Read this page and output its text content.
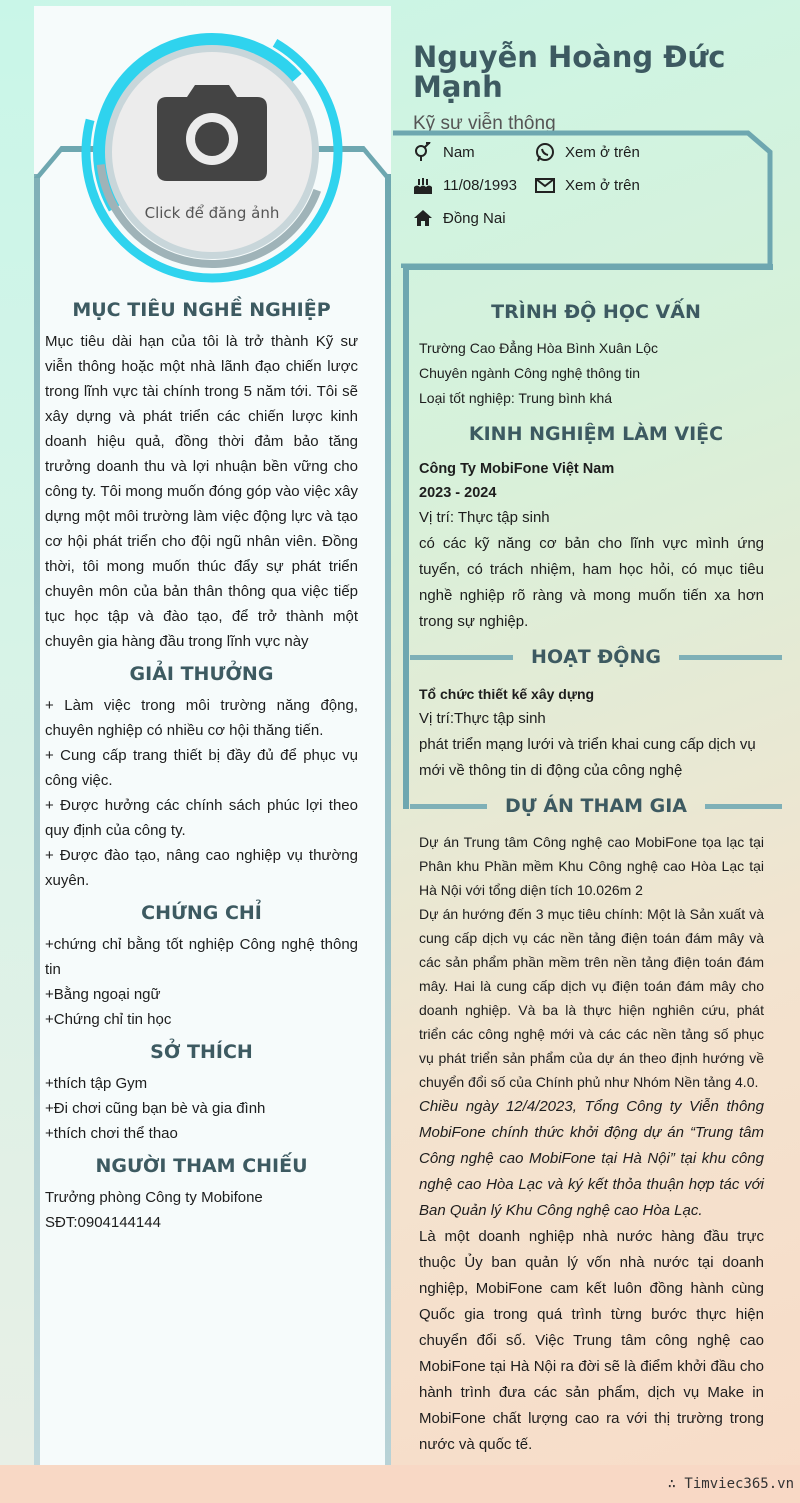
∴ Timviec365.vn
Click để đăng ảnh
MỤC TIÊU NGHỀ NGHIỆP

Mục tiêu dài hạn của tôi là trở thành Kỹ sư viễn thông hoặc một nhà lãnh đạo chiến lược trong lĩnh vực tài chính trong 5 năm tới. Tôi sẽ xây dựng và phát triển các chiến lược kinh doanh hiệu quả, đồng thời đảm bảo tăng trưởng doanh thu và lợi nhuận bền vững cho công ty. Tôi mong muốn đóng góp vào việc xây dựng một môi trường làm việc động lực và tạo cơ hội phát triển cho đội ngũ nhân viên. Đồng thời, tôi mong muốn thúc đẩy sự phát triển chuyên môn của bản thân thông qua việc tiếp tục học tập và đào tạo, để trở thành một chuyên gia hàng đầu trong lĩnh vực này

GIẢI THƯỞNG

+ Làm việc trong môi trường năng động, chuyên nghiệp có nhiều cơ hội thăng tiến.

+ Cung cấp trang thiết bị đầy đủ để phục vụ công việc.

+ Được hưởng các chính sách phúc lợi theo quy định của công ty.

+ Được đào tạo, nâng cao nghiệp vụ thường xuyên.

CHỨNG CHỈ

+chứng chỉ bằng tốt nghiệp Công nghệ thông tin

+Bằng ngoại ngữ

+Chứng chỉ tin học

SỞ THÍCH

+thích tập Gym

+Đi chơi cũng bạn bè và gia đình

+thích chơi thể thao

NGƯỜI THAM CHIẾU

Trưởng phòng Công ty Mobifone

SĐT:0904144144

Nguyễn Hoàng Đức Mạnh
Kỹ sư viễn thông
Nam	Xem ở trên
11/08/1993	Xem ở trên
Đồng Nai
TRÌNH ĐỘ HỌC VẤN

Trường Cao Đẳng Hòa Bình Xuân Lộc

Chuyên ngành Công nghệ thông tin

Loại tốt nghiệp: Trung bình khá

KINH NGHIỆM LÀM VIỆC

Công Ty MobiFone Việt Nam

2023 - 2024

Vị trí: Thực tập sinh

có các kỹ năng cơ bản cho lĩnh vực mình ứng tuyển, có trách nhiệm, ham học hỏi, có mục tiêu nghề nghiệp rõ ràng và mong muốn tiến xa hơn trong sự nghiệp.

HOẠT ĐỘNG

Tổ chức thiết kế xây dựng

Vị trí:Thực tập sinh

phát triển mạng lưới và triển khai cung cấp dịch vụ mới về thông tin di động của công nghệ

DỰ ÁN THAM GIA

Dự án Trung tâm Công nghệ cao MobiFone tọa lạc tại Phân khu Phần mềm Khu Công nghệ cao Hòa Lạc tại Hà Nội với tổng diện tích 10.026m 2

Dự án hướng đến 3 mục tiêu chính: Một là Sản xuất và cung cấp dịch vụ các nền tảng điện toán đám mây và các sản phẩm phần mềm trên nền tảng điện toán đám mây. Hai là cung cấp dịch vụ điện toán đám mây cho doanh nghiệp. Và ba là thực hiện nghiên cứu, phát triển các công nghệ mới và các các nền tảng số phục vụ phát triển sản phẩm của dự án theo định hướng về chuyển đổi số của Chính phủ như Nhóm Nền tảng 4.0.

Chiều ngày 12/4/2023, Tổng Công ty Viễn thông MobiFone chính thức khởi động dự án “Trung tâm Công nghệ cao MobiFone tại Hà Nội” tại khu công nghệ cao Hòa Lạc và ký kết thỏa thuận hợp tác với Ban Quản lý Khu Công nghệ cao Hòa Lạc.

Là một doanh nghiệp nhà nước hàng đầu trực thuộc Ủy ban quản lý vốn nhà nước tại doanh nghiệp, MobiFone cam kết luôn đồng hành cùng Quốc gia trong quá trình từng bước thực hiện chuyển đổi số. Việc Trung tâm công nghệ cao MobiFone tại Hà Nội ra đời sẽ là điểm khởi đầu cho hành trình đưa các sản phẩm, dịch vụ Make in MobiFone chất lượng cao ra với thị trường trong nước và quốc tế.
